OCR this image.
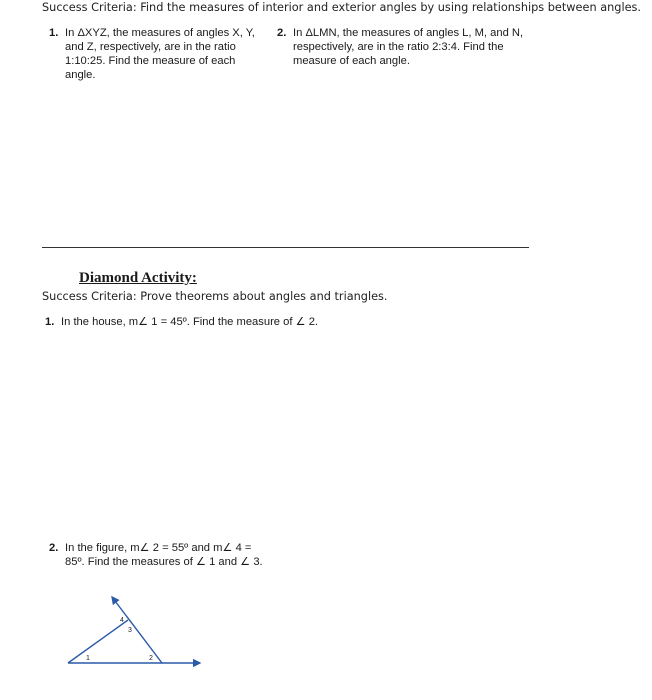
Success Criteria: Find the measures of interior and exterior angles by using relationships between angles.
1. In ΔXYZ, the measures of angles X, Y, and Z, respectively, are in the ratio 1:10:25. Find the measure of each angle.
2. In ΔLMN, the measures of angles L, M, and N, respectively, are in the ratio 2:3:4. Find the measure of each angle.
Diamond Activity:
Success Criteria: Prove theorems about angles and triangles.
1. In the house, m∠ 1 = 45º. Find the measure of ∠ 2.
2. In the figure, m∠ 2 = 55º and m∠ 4 = 85º. Find the measures of ∠ 1 and ∠ 3.
1	2
3
4
